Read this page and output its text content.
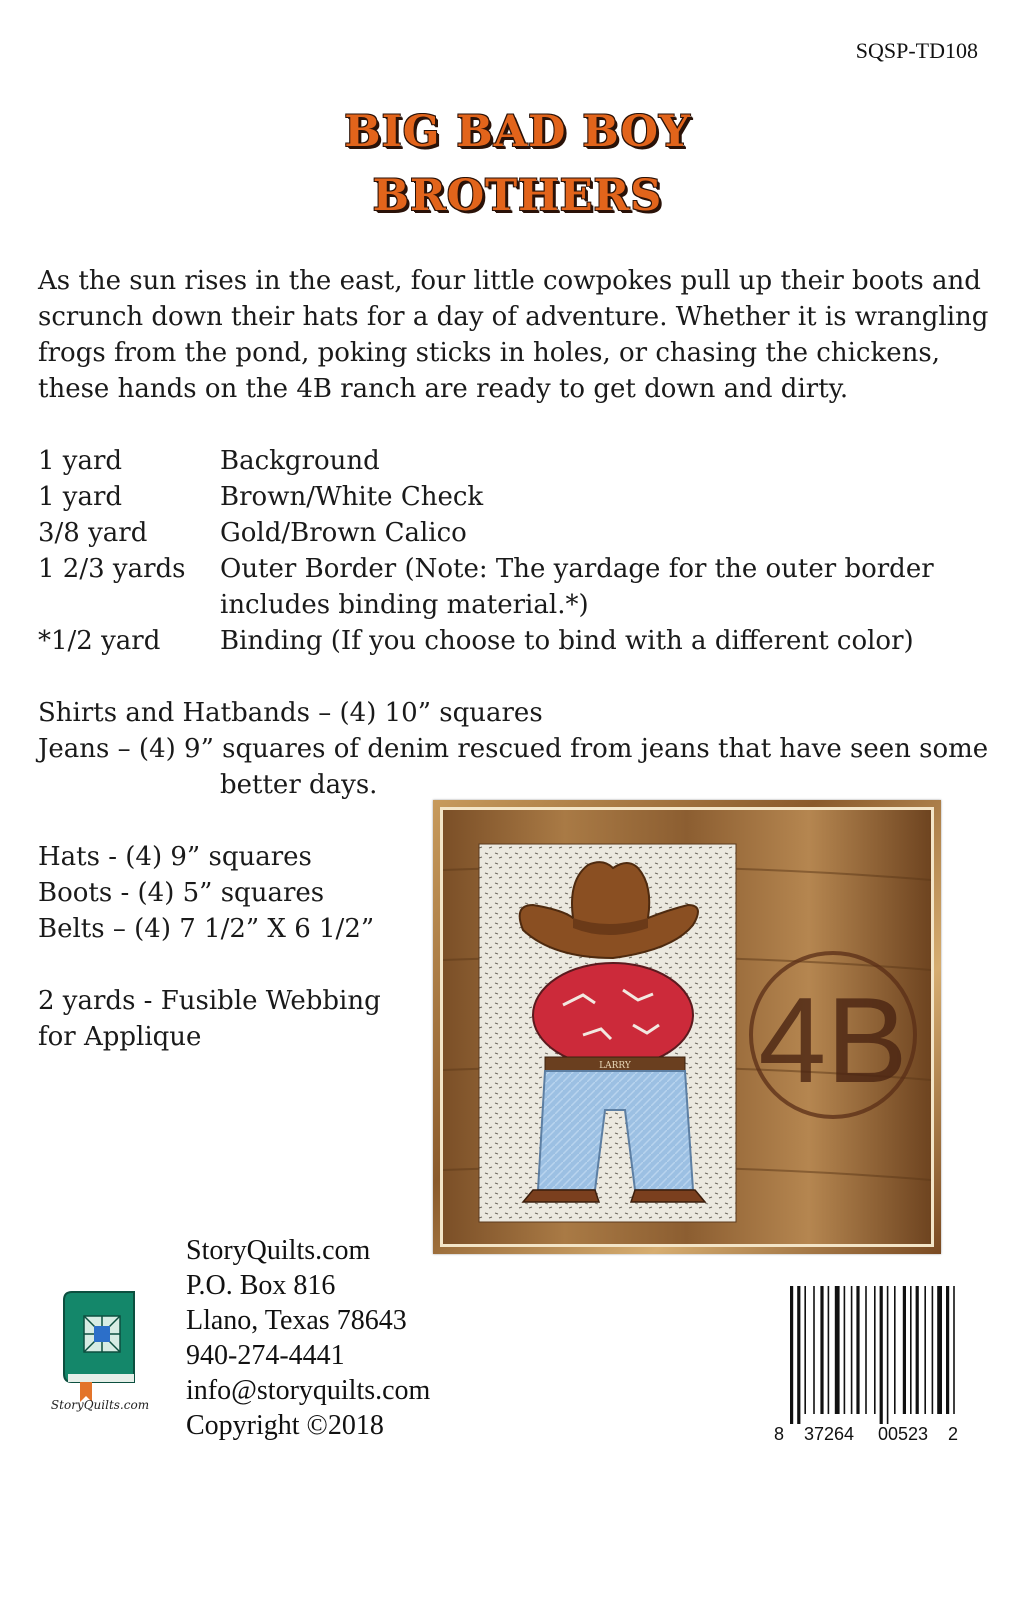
SQSP-TD108
BIG BAD BOY
BROTHERS
As the sun rises in the east, four little cowpokes pull up their boots and
scrunch down their hats for a day of adventure. Whether it is wrangling
frogs from the pond, poking sticks in holes, or chasing the chickens,
these hands on the 4B ranch are ready to get down and dirty.
1 yard	Background
1 yard	Brown/White Check
3/8 yard	Gold/Brown Calico
1 2/3 yards	Outer Border (Note: The yardage for the outer border
includes binding material.*)
*1/2 yard	Binding (If you choose to bind with a different color)
Shirts and Hatbands – (4) 10” squares
Jeans – (4) 9” squares of denim rescued from jeans that have seen some
better days.
Hats - (4) 9” squares
Boots - (4) 5” squares
Belts – (4) 7 1/2” X 6 1/2”
2 yards - Fusible Webbing
for Applique
LARRY 4B
StoryQuilts.com
P.O. Box 816
Llano, Texas 78643
940-274-4441
info@storyquilts.com
Copyright ©2018
StoryQuilts.com
8 37264 00523 2
